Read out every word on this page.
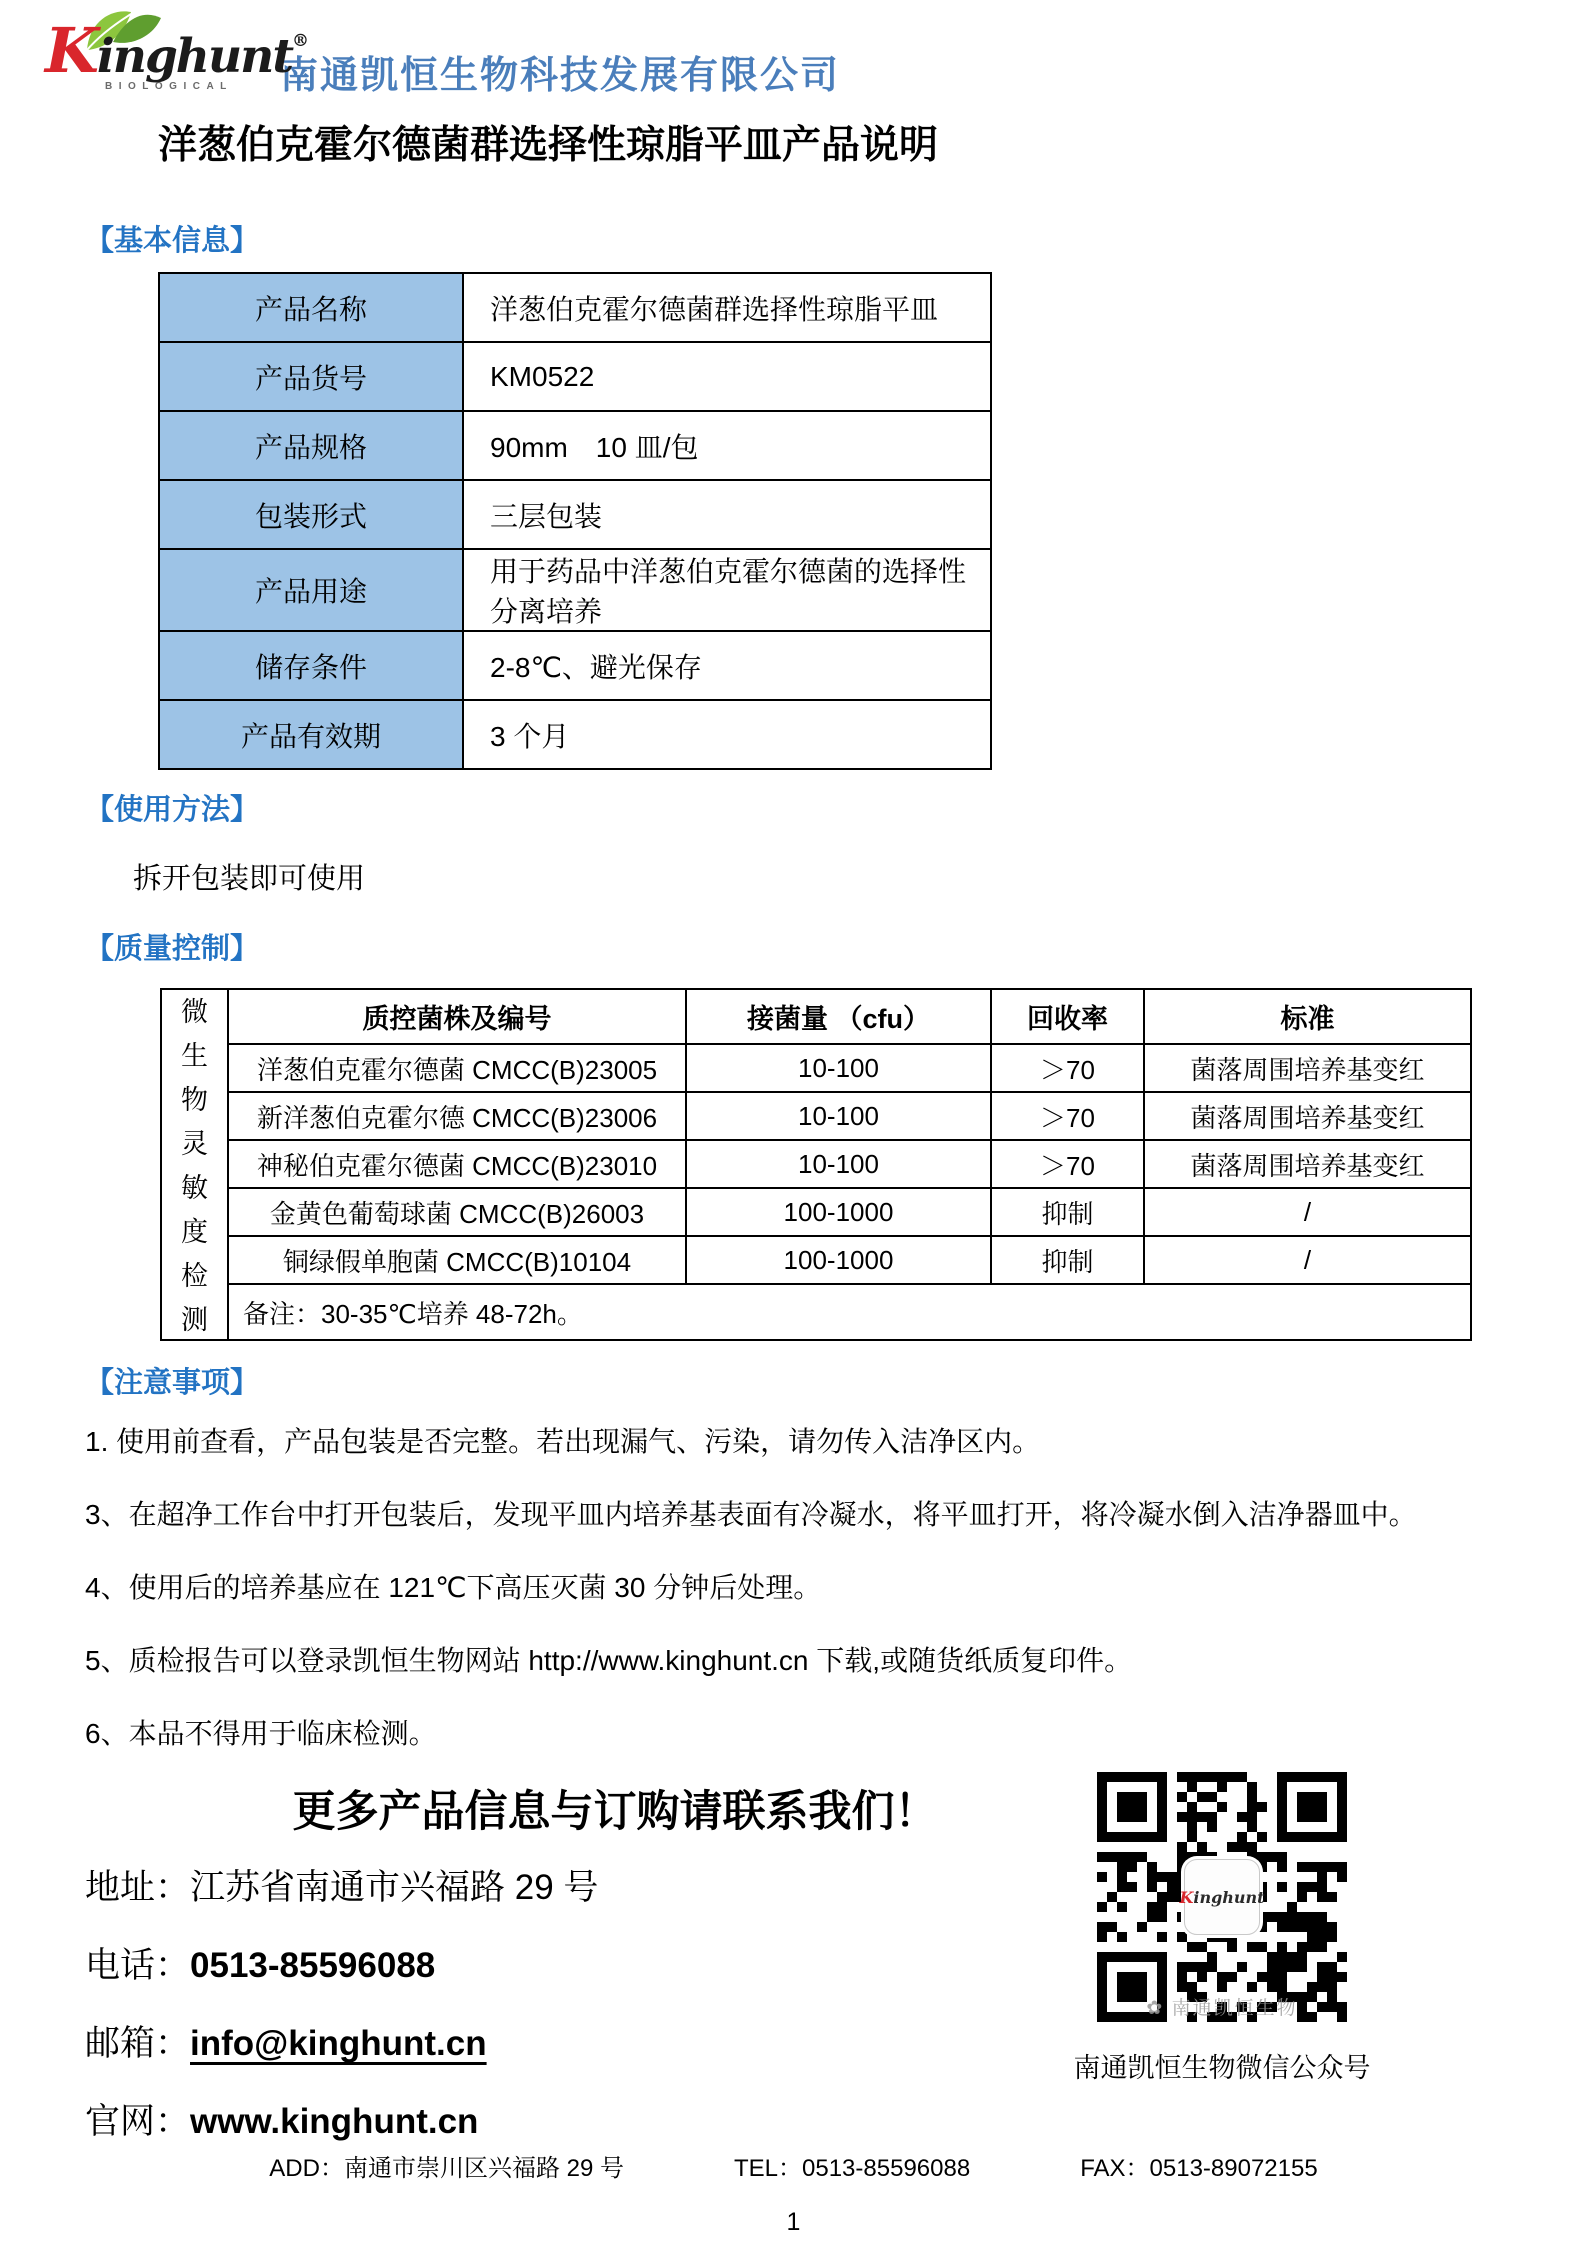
Kinghunt®
BIOLOGICAL	南通凯恒生物科技发展有限公司
洋葱伯克霍尔德菌群选择性琼脂平皿产品说明
【基本信息】
产品名称	洋葱伯克霍尔德菌群选择性琼脂平皿
产品货号	KM0522
产品规格	90mm　10 皿/包
包装形式	三层包装
产品用途	用于药品中洋葱伯克霍尔德菌的选择性分离培养
储存条件	2-8℃、避光保存
产品有效期	3 个月
【使用方法】
拆开包装即可使用
【质量控制】
微
生
物
灵
敏
度
检
测
	质控菌株及编号	接菌量 （cfu）	回收率	标准
	洋葱伯克霍尔德菌 CMCC(B)23005	10-100	＞70	菌落周围培养基变红
	新洋葱伯克霍尔德 CMCC(B)23006	10-100	＞70	菌落周围培养基变红
	神秘伯克霍尔德菌 CMCC(B)23010	10-100	＞70	菌落周围培养基变红
	金黄色葡萄球菌 CMCC(B)26003	100-1000	抑制	/
	铜绿假单胞菌 CMCC(B)10104	100-1000	抑制	/
	备注：30-35℃培养 48-72h。			
【注意事项】
1. 使用前查看，产品包装是否完整。若出现漏气、污染，请勿传入洁净区内。
3、在超净工作台中打开包装后，发现平皿内培养基表面有冷凝水，将平皿打开，将冷凝水倒入洁净器皿中。
4、使用后的培养基应在 121℃下高压灭菌 30 分钟后处理。
5、质检报告可以登录凯恒生物网站 http://www.kinghunt.cn 下载,或随货纸质复印件。
6、本品不得用于临床检测。
更多产品信息与订购请联系我们！
地址：江苏省南通市兴福路 29 号
电话：0513-85596088
邮箱：info@kinghunt.cn
官网：www.kinghunt.cn
Kinghunt
✿ 南通凯恒生物
南通凯恒生物微信公众号
ADD：南通市崇川区兴福路 29 号	TEL：0513-85596088	FAX：0513-89072155
1
